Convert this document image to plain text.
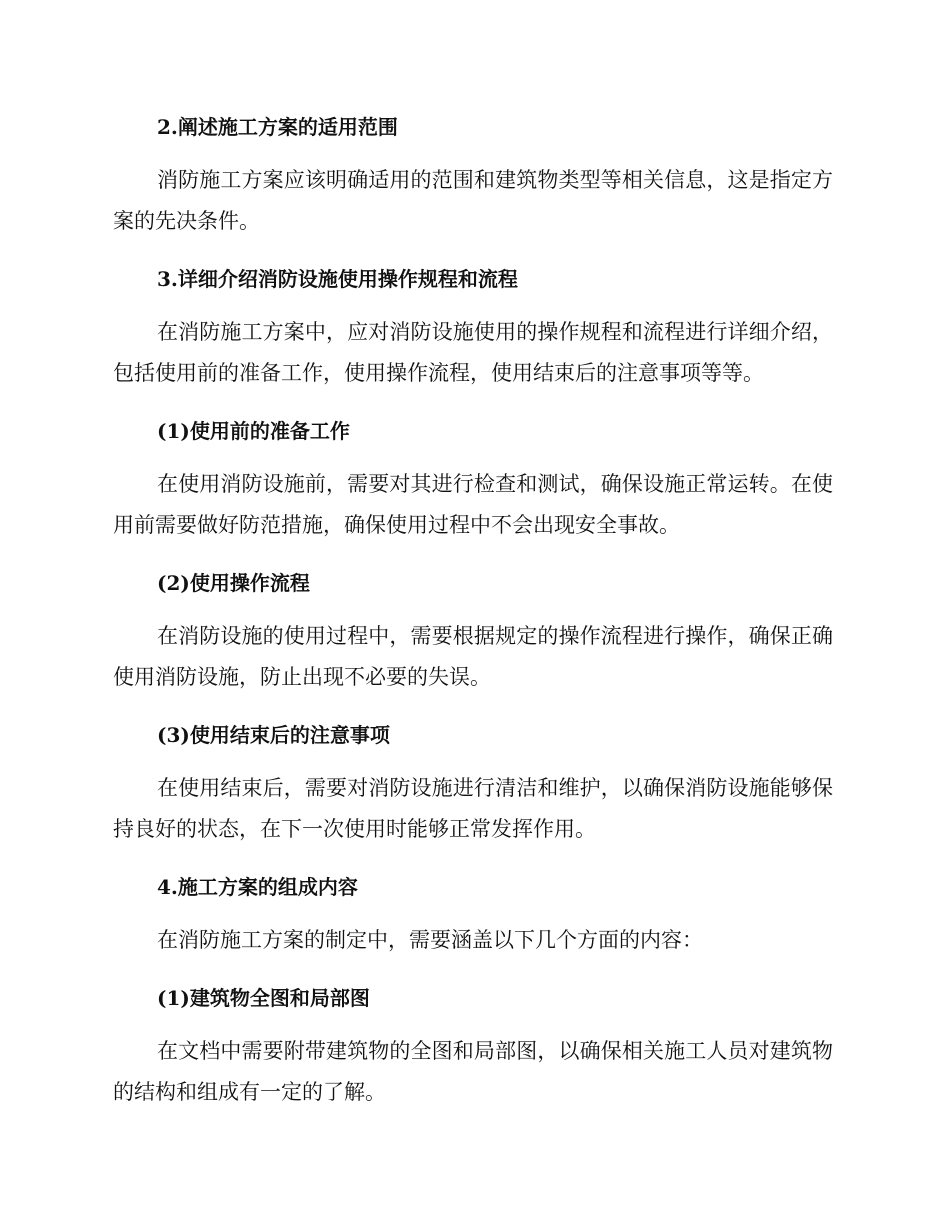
2.阐述施工方案的适用范围

消防施工方案应该明确适用的范围和建筑物类型等相关信息，这是指定方案的先决条件。

3.详细介绍消防设施使用操作规程和流程

在消防施工方案中，应对消防设施使用的操作规程和流程进行详细介绍，包括使用前的准备工作，使用操作流程，使用结束后的注意事项等等。

(1)使用前的准备工作

在使用消防设施前，需要对其进行检查和测试，确保设施正常运转。在使用前需要做好防范措施，确保使用过程中不会出现安全事故。

(2)使用操作流程

在消防设施的使用过程中，需要根据规定的操作流程进行操作，确保正确使用消防设施，防止出现不必要的失误。

(3)使用结束后的注意事项

在使用结束后，需要对消防设施进行清洁和维护，以确保消防设施能够保持良好的状态，在下一次使用时能够正常发挥作用。

4.施工方案的组成内容

在消防施工方案的制定中，需要涵盖以下几个方面的内容：

(1)建筑物全图和局部图

在文档中需要附带建筑物的全图和局部图，以确保相关施工人员对建筑物的结构和组成有一定的了解。
